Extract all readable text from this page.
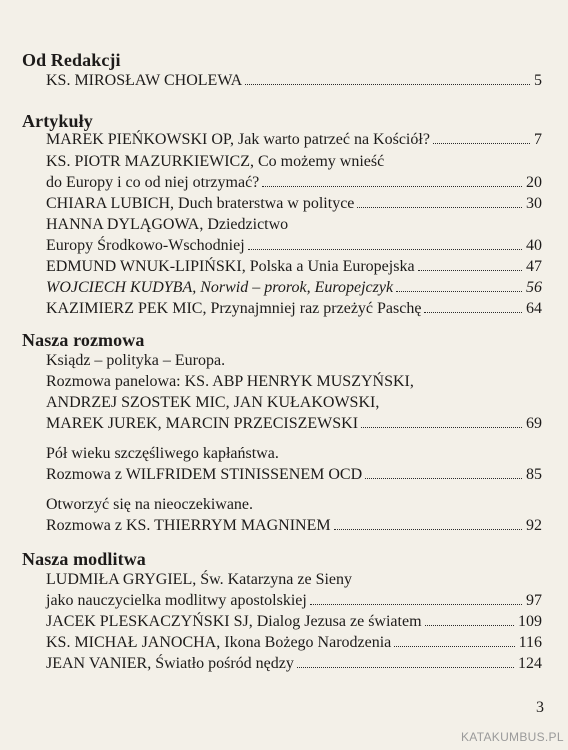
Od Redakcji
KS. MIROSŁAW CHOLEWA	5
Artykuły
MAREK PIEŃKOWSKI OP, Jak warto patrzeć na Kościół?	7
KS. PIOTR MAZURKIEWICZ, Co możemy wnieść
do Europy i co od niej otrzymać?	20
CHIARA LUBICH, Duch braterstwa w polityce	30
HANNA DYLĄGOWA, Dziedzictwo
Europy Środkowo-Wschodniej	40
EDMUND WNUK-LIPIŃSKI, Polska a Unia Europejska	47
WOJCIECH KUDYBA, Norwid – prorok, Europejczyk	56
KAZIMIERZ PEK MIC, Przynajmniej raz przeżyć Paschę	64
Nasza rozmowa
Ksiądz – polityka – Europa.
Rozmowa panelowa: KS. ABP HENRYK MUSZYŃSKI,
ANDRZEJ SZOSTEK MIC, JAN KUŁAKOWSKI,
MAREK JUREK, MARCIN PRZECISZEWSKI	69
Pół wieku szczęśliwego kapłaństwa.
Rozmowa z WILFRIDEM STINISSENEM OCD	85
Otworzyć się na nieoczekiwane.
Rozmowa z KS. THIERRYM MAGNINEM	92
Nasza modlitwa
LUDMIŁA GRYGIEL, Św. Katarzyna ze Sieny
jako nauczycielka modlitwy apostolskiej	97
JACEK PLESKACZYŃSKI SJ, Dialog Jezusa ze światem	109
KS. MICHAŁ JANOCHA, Ikona Bożego Narodzenia	116
JEAN VANIER, Światło pośród nędzy	124
3
KATAKUMBUS.PL
